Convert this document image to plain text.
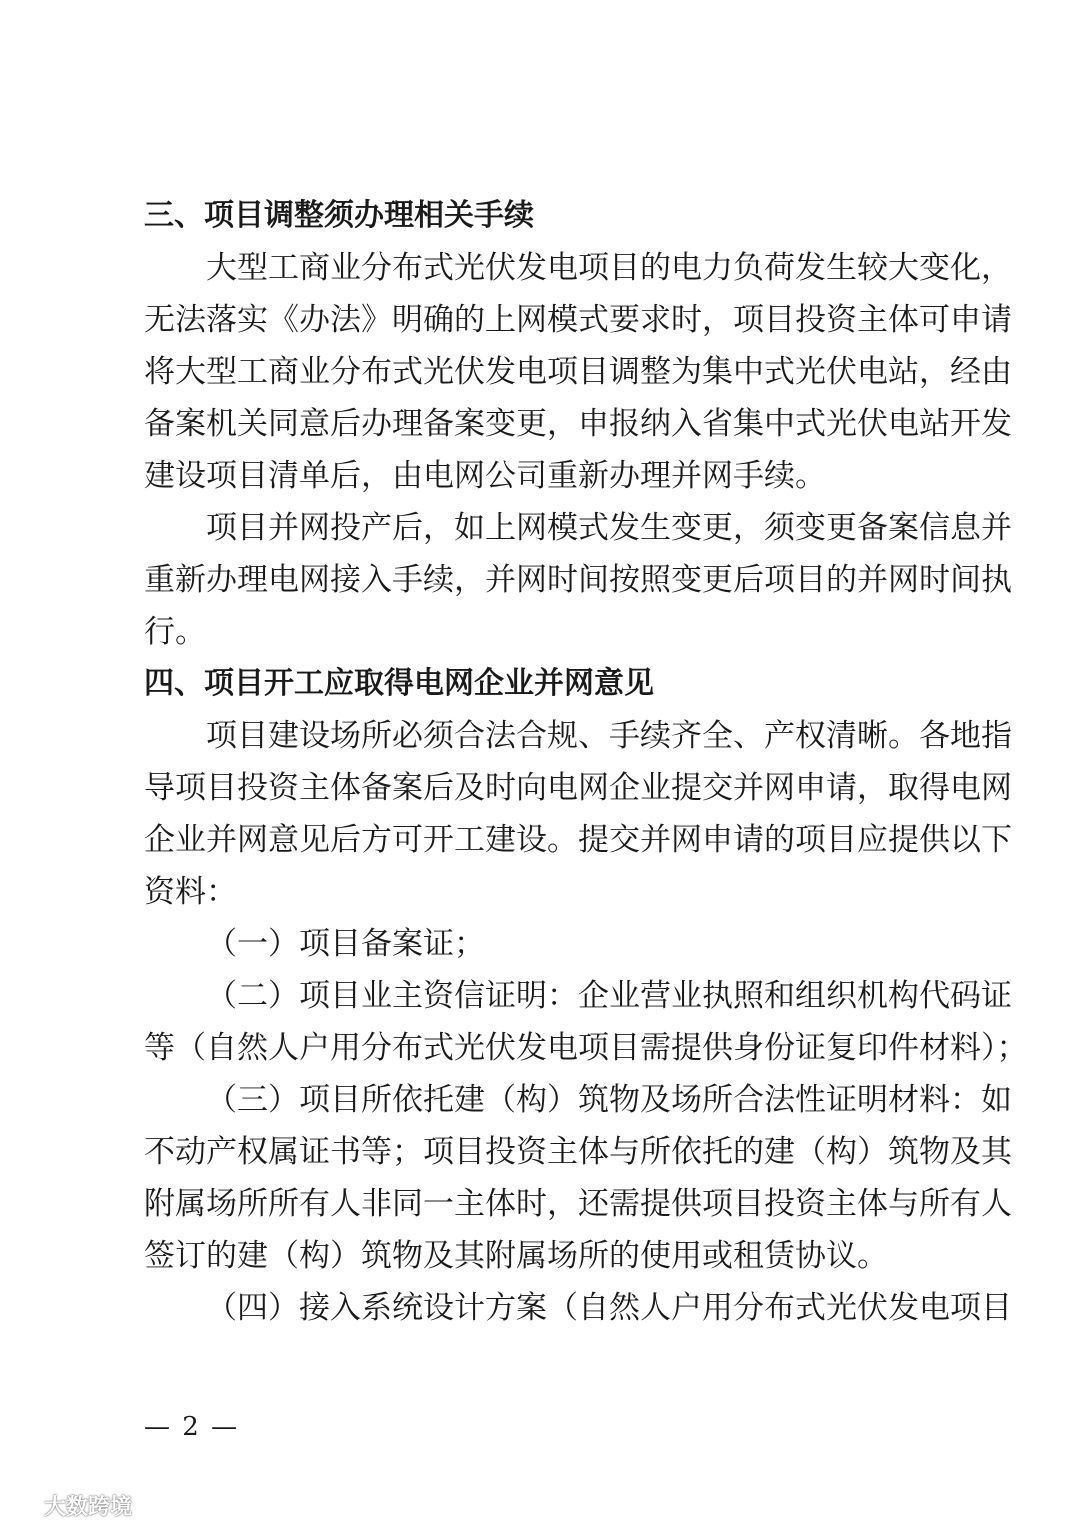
三、项目调整须办理相关手续
大型工商业分布式光伏发电项目的电力负荷发生较大变化，
无法落实《办法》明确的上网模式要求时，项目投资主体可申请
将大型工商业分布式光伏发电项目调整为集中式光伏电站，经由
备案机关同意后办理备案变更，申报纳入省集中式光伏电站开发
建设项目清单后，由电网公司重新办理并网手续。
项目并网投产后，如上网模式发生变更，须变更备案信息并
重新办理电网接入手续，并网时间按照变更后项目的并网时间执
行。
四、项目开工应取得电网企业并网意见
项目建设场所必须合法合规、手续齐全、产权清晰。各地指
导项目投资主体备案后及时向电网企业提交并网申请，取得电网
企业并网意见后方可开工建设。提交并网申请的项目应提供以下
资料：
（一）项目备案证；
（二）项目业主资信证明：企业营业执照和组织机构代码证
等（自然人户用分布式光伏发电项目需提供身份证复印件材料）；
（三）项目所依托建（构）筑物及场所合法性证明材料：如
不动产权属证书等；项目投资主体与所依托的建（构）筑物及其
附属场所所有人非同一主体时，还需提供项目投资主体与所有人
签订的建（构）筑物及其附属场所的使用或租赁协议。
（四）接入系统设计方案（自然人户用分布式光伏发电项目
— 2 —
大数跨境
